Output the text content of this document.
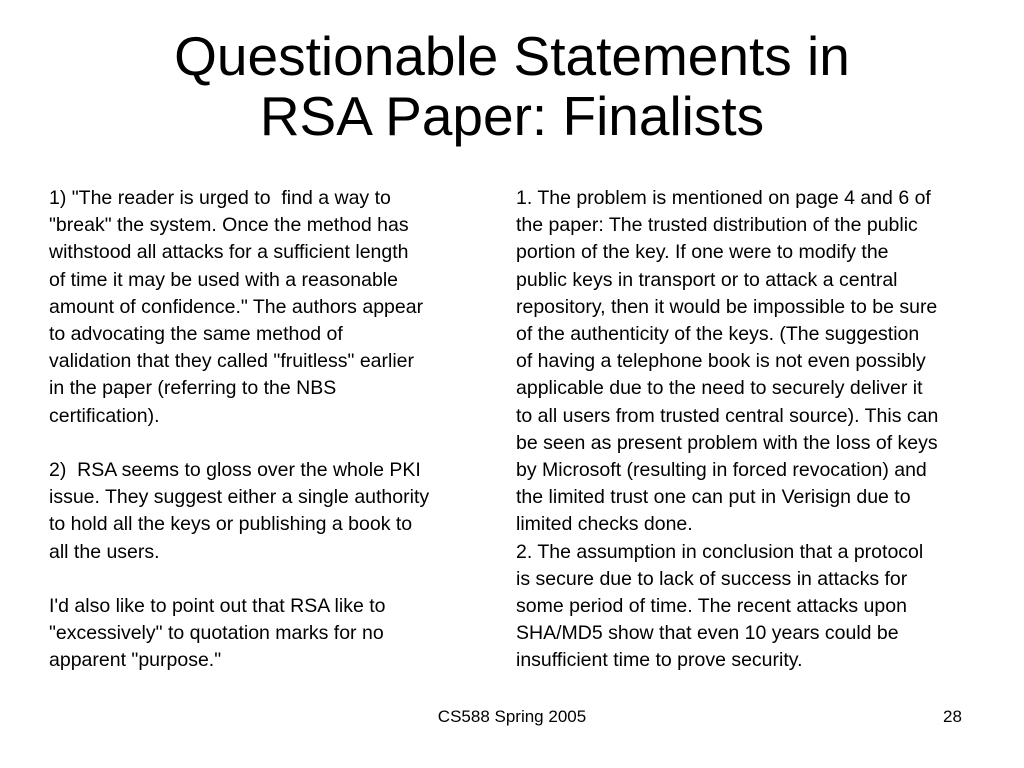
Questionable Statements in
RSA Paper: Finalists
1) "The reader is urged to  find a way to
"break" the system. Once the method has
withstood all attacks for a sufficient length
of time it may be used with a reasonable
amount of confidence." The authors appear
to advocating the same method of
validation that they called "fruitless" earlier
in the paper (referring to the NBS
certification).
2)  RSA seems to gloss over the whole PKI
issue. They suggest either a single authority
to hold all the keys or publishing a book to
all the users.
I'd also like to point out that RSA like to
"excessively" to quotation marks for no
apparent "purpose."
1. The problem is mentioned on page 4 and 6 of
the paper: The trusted distribution of the public
portion of the key. If one were to modify the
public keys in transport or to attack a central
repository, then it would be impossible to be sure
of the authenticity of the keys. (The suggestion
of having a telephone book is not even possibly
applicable due to the need to securely deliver it
to all users from trusted central source). This can
be seen as present problem with the loss of keys
by Microsoft (resulting in forced revocation) and
the limited trust one can put in Verisign due to
limited checks done.
2. The assumption in conclusion that a protocol
is secure due to lack of success in attacks for
some period of time. The recent attacks upon
SHA/MD5 show that even 10 years could be
insufficient time to prove security.
CS588 Spring 2005	28
